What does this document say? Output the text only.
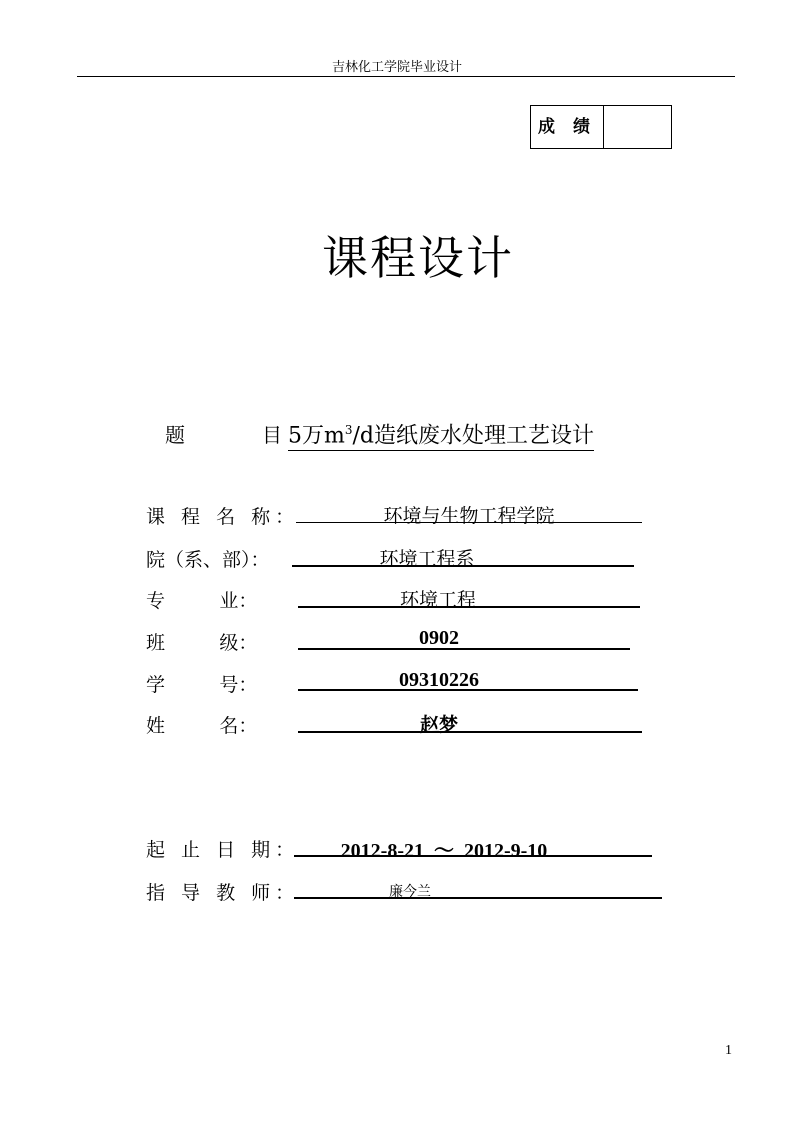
吉林化工学院毕业设计
成 绩
课程设计
题	目 5万$m^3/d$造纸废水处理工艺设计
课 程 名 称：	环境与生物工程学院
院（系、部）：	环境工程系
专         业：	环境工程
班         级：	0902
学         号：	09310226
姓         名：	赵梦
起 止 日 期：	2012-8-21  ～  2012-9-10
指 导 教 师：	廉今兰
1
